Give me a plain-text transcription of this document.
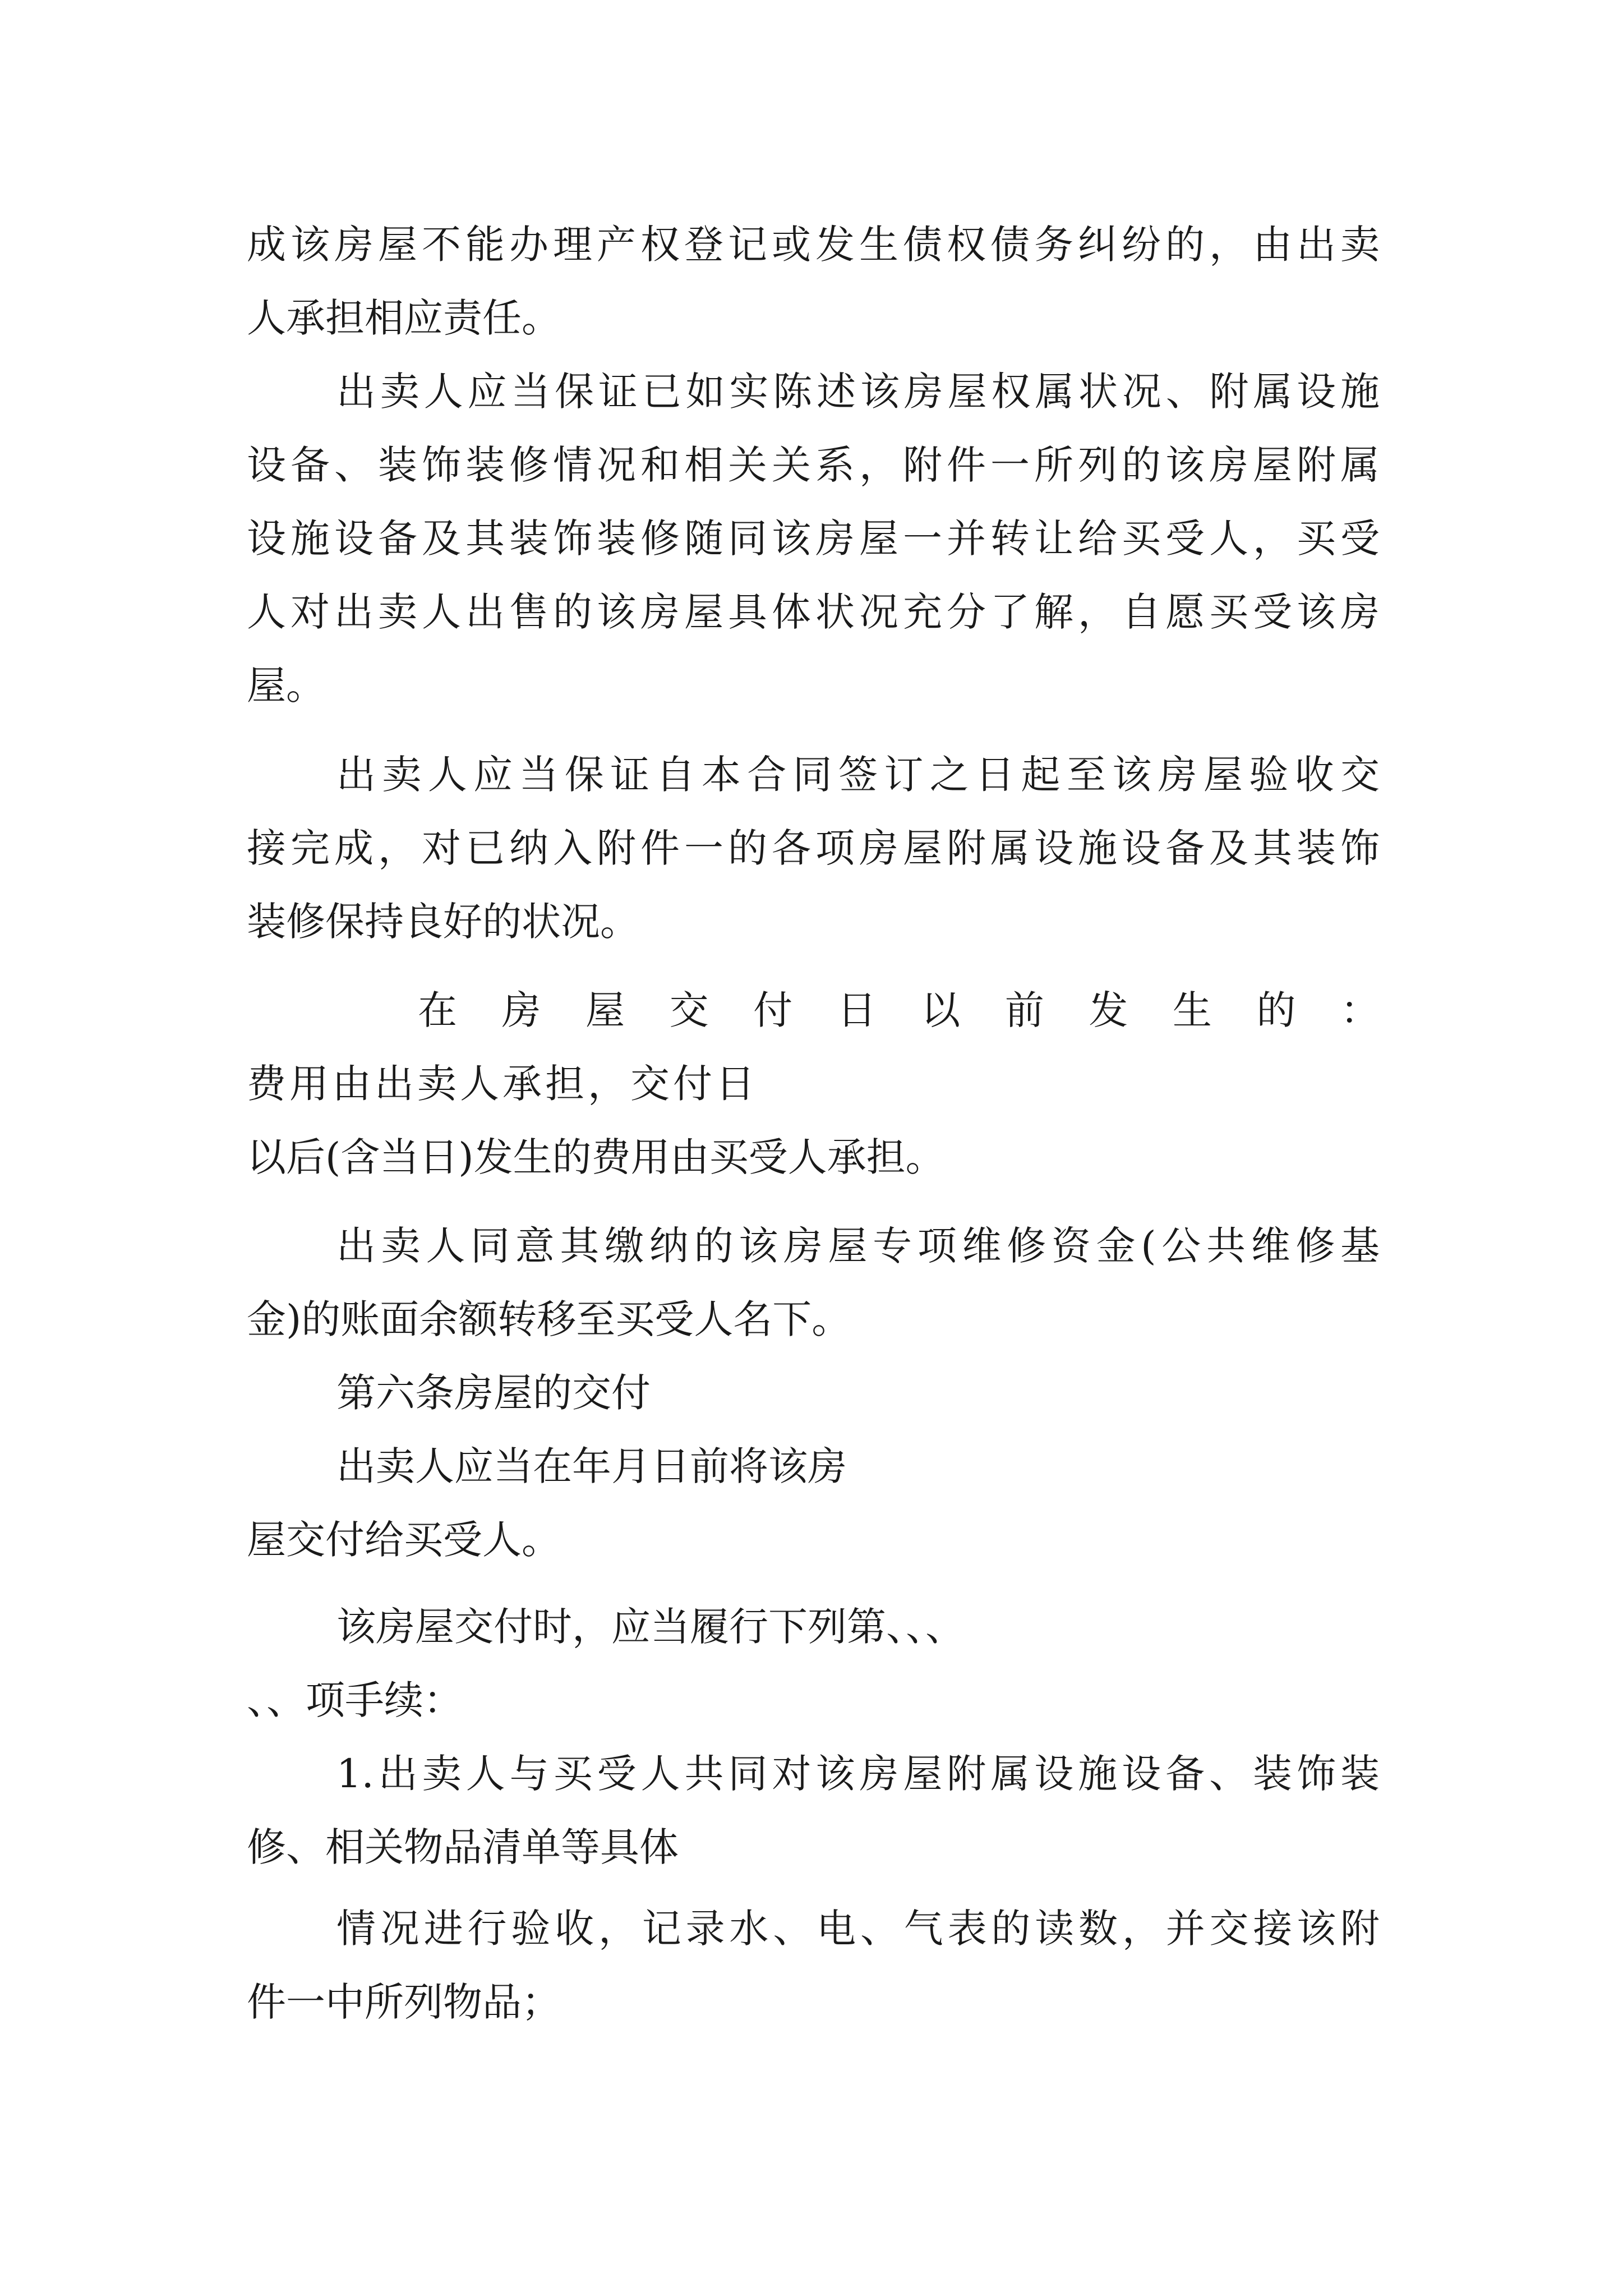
成该房屋不能办理产权登记或发生债权债务纠纷的，由出卖
人承担相应责任。
出卖人应当保证已如实陈述该房屋权属状况、附属设施
设备、装饰装修情况和相关关系，附件一所列的该房屋附属
设施设备及其装饰装修随同该房屋一并转让给买受人，买受
人对出卖人出售的该房屋具体状况充分了解，自愿买受该房
屋。
出卖人应当保证自本合同签订之日起至该房屋验收交
接完成，对已纳入附件一的各项房屋附属设施设备及其装饰
装修保持良好的状况。
在房屋交付日以前发生的：
费用由出卖人承担，交付日
以后(含当日)发生的费用由买受人承担。
出卖人同意其缴纳的该房屋专项维修资金(公共维修基
金)的账面余额转移至买受人名下。
第六条房屋的交付
出卖人应当在年月日前将该房
屋交付给买受人。
该房屋交付时，应当履行下列第、、、
、、项手续：
1.出卖人与买受人共同对该房屋附属设施设备、装饰装
修、相关物品清单等具体
情况进行验收，记录水、电、气表的读数，并交接该附
件一中所列物品；
